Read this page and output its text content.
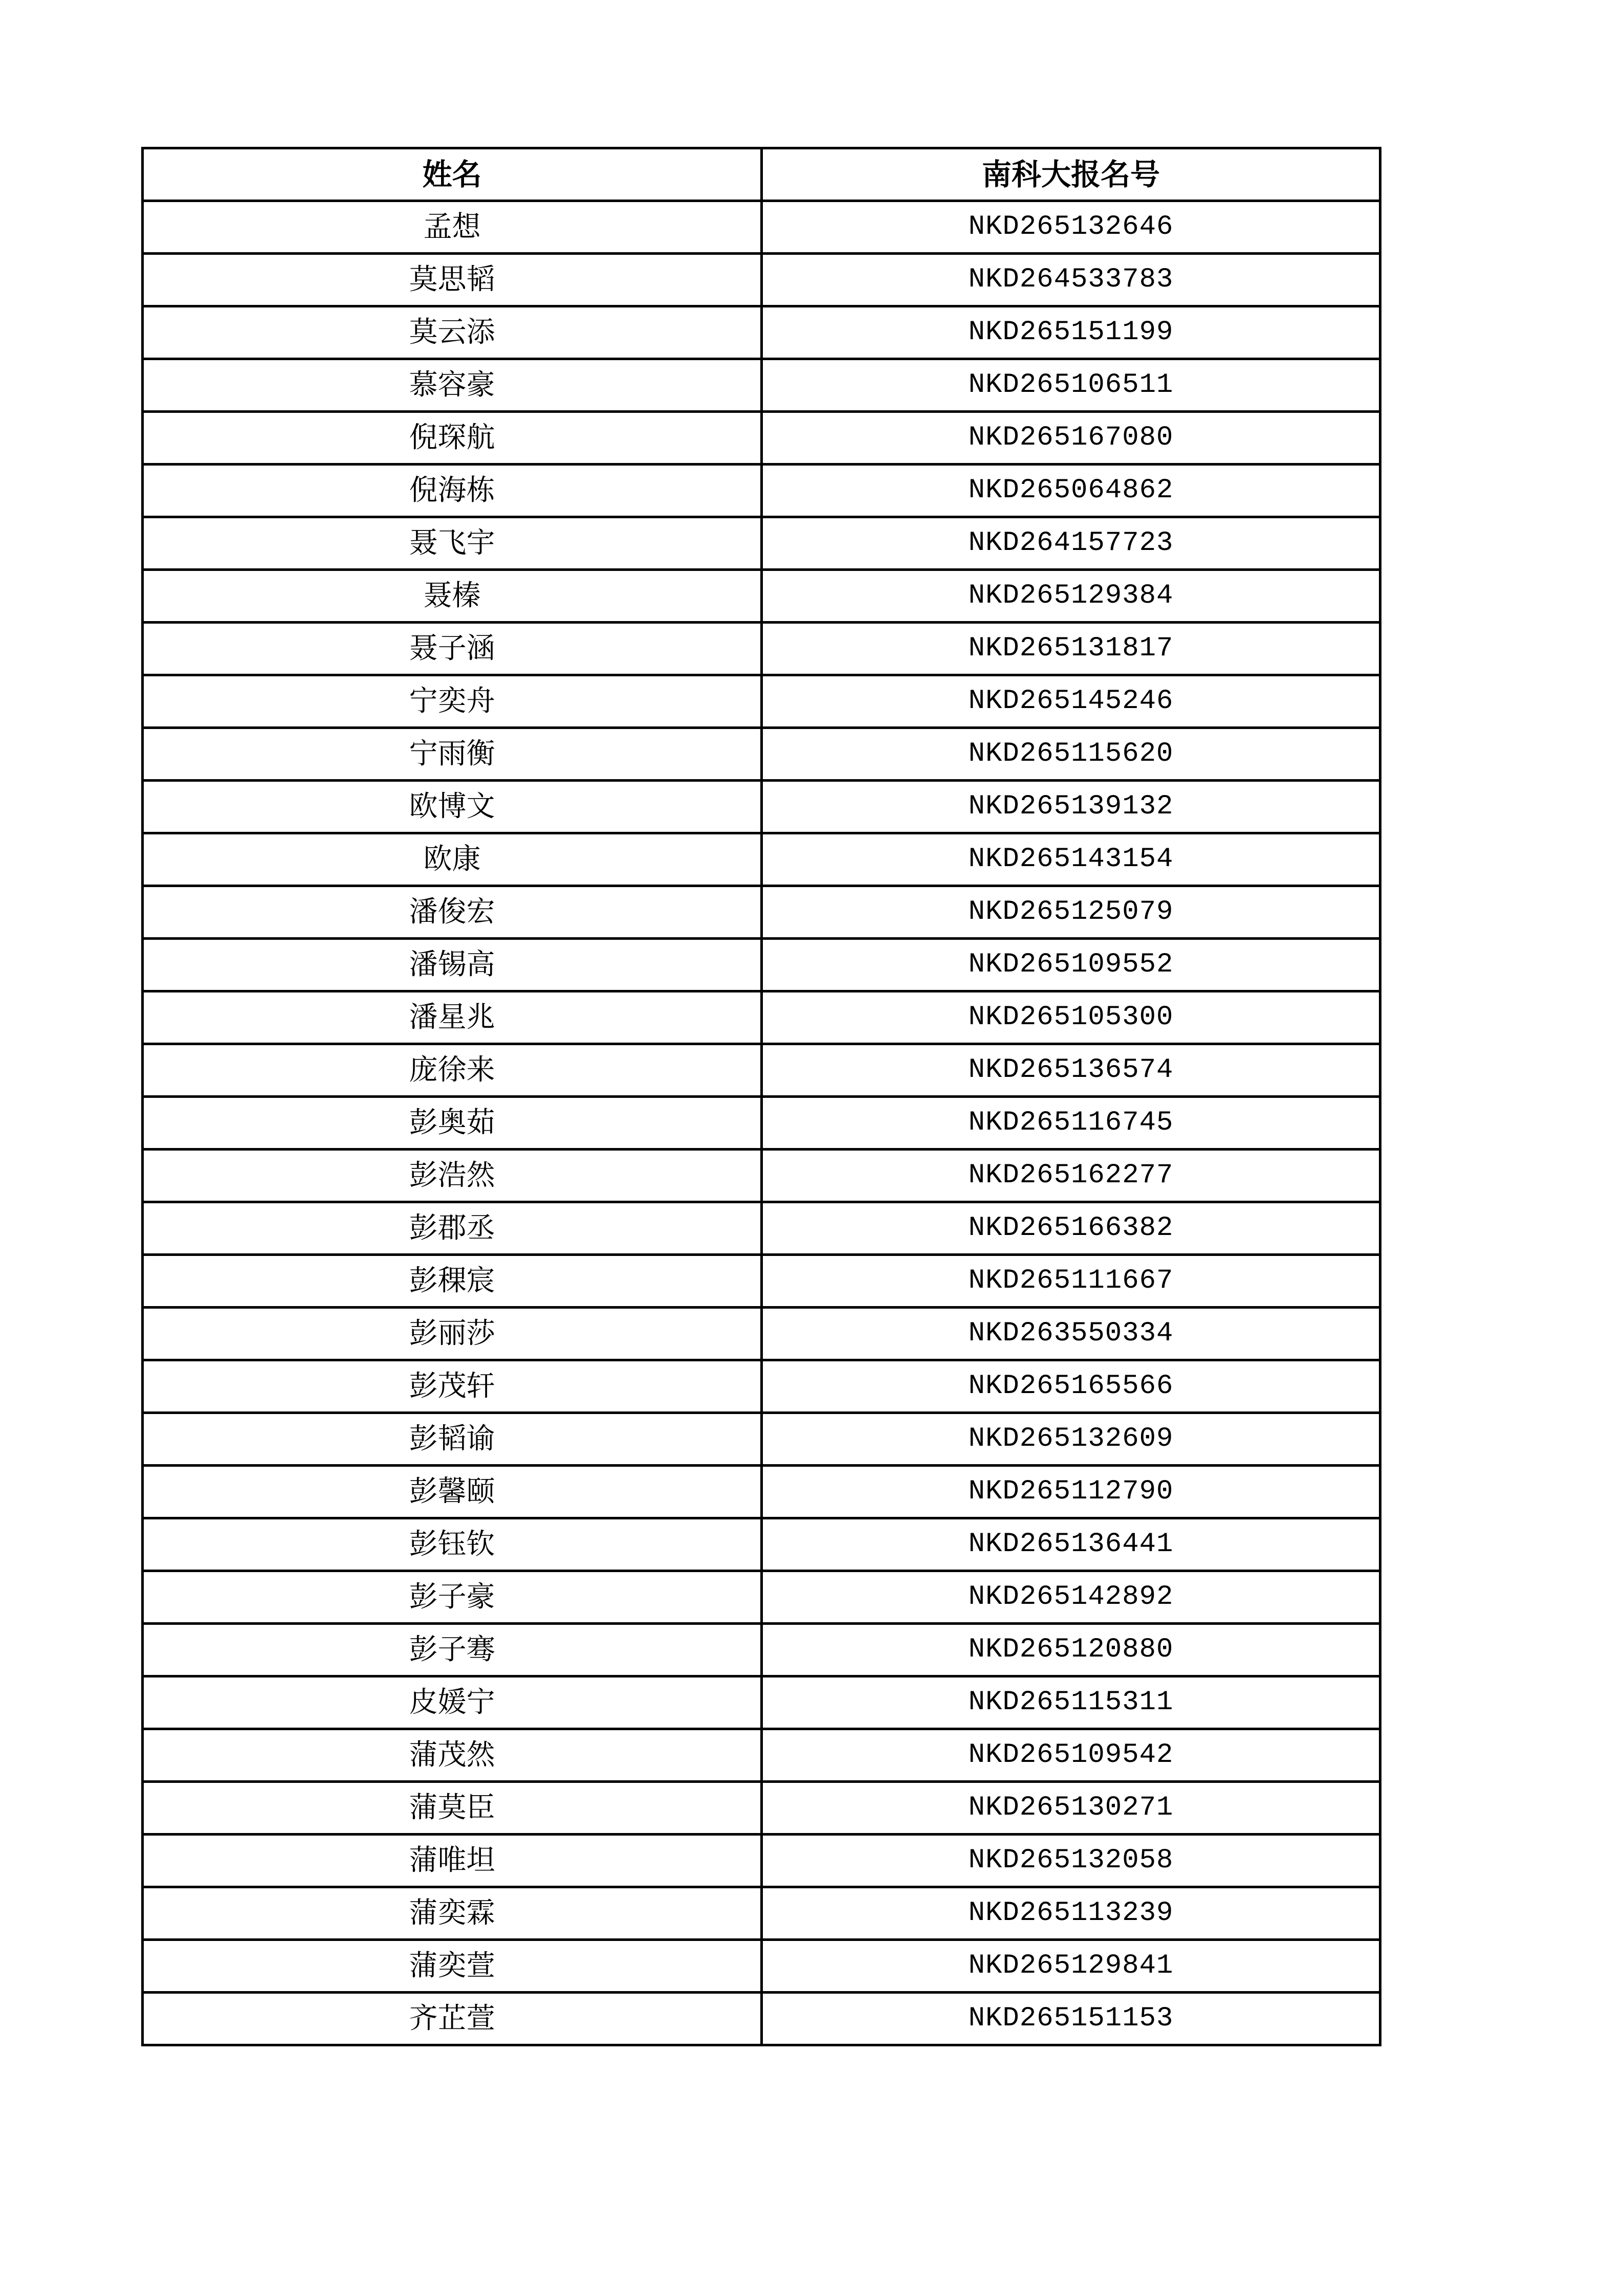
姓名	南科大报名号
孟想	NKD265132646
莫思韬	NKD264533783
莫云添	NKD265151199
慕容豪	NKD265106511
倪琛航	NKD265167080
倪海栋	NKD265064862
聂飞宇	NKD264157723
聂榛	NKD265129384
聂子涵	NKD265131817
宁奕舟	NKD265145246
宁雨衡	NKD265115620
欧博文	NKD265139132
欧康	NKD265143154
潘俊宏	NKD265125079
潘锡高	NKD265109552
潘星兆	NKD265105300
庞徐来	NKD265136574
彭奥茹	NKD265116745
彭浩然	NKD265162277
彭郡丞	NKD265166382
彭稞宸	NKD265111667
彭丽莎	NKD263550334
彭茂轩	NKD265165566
彭韬谕	NKD265132609
彭馨颐	NKD265112790
彭钰钦	NKD265136441
彭子豪	NKD265142892
彭子骞	NKD265120880
皮媛宁	NKD265115311
蒲茂然	NKD265109542
蒲莫臣	NKD265130271
蒲唯坦	NKD265132058
蒲奕霖	NKD265113239
蒲奕萱	NKD265129841
齐芷萱	NKD265151153
